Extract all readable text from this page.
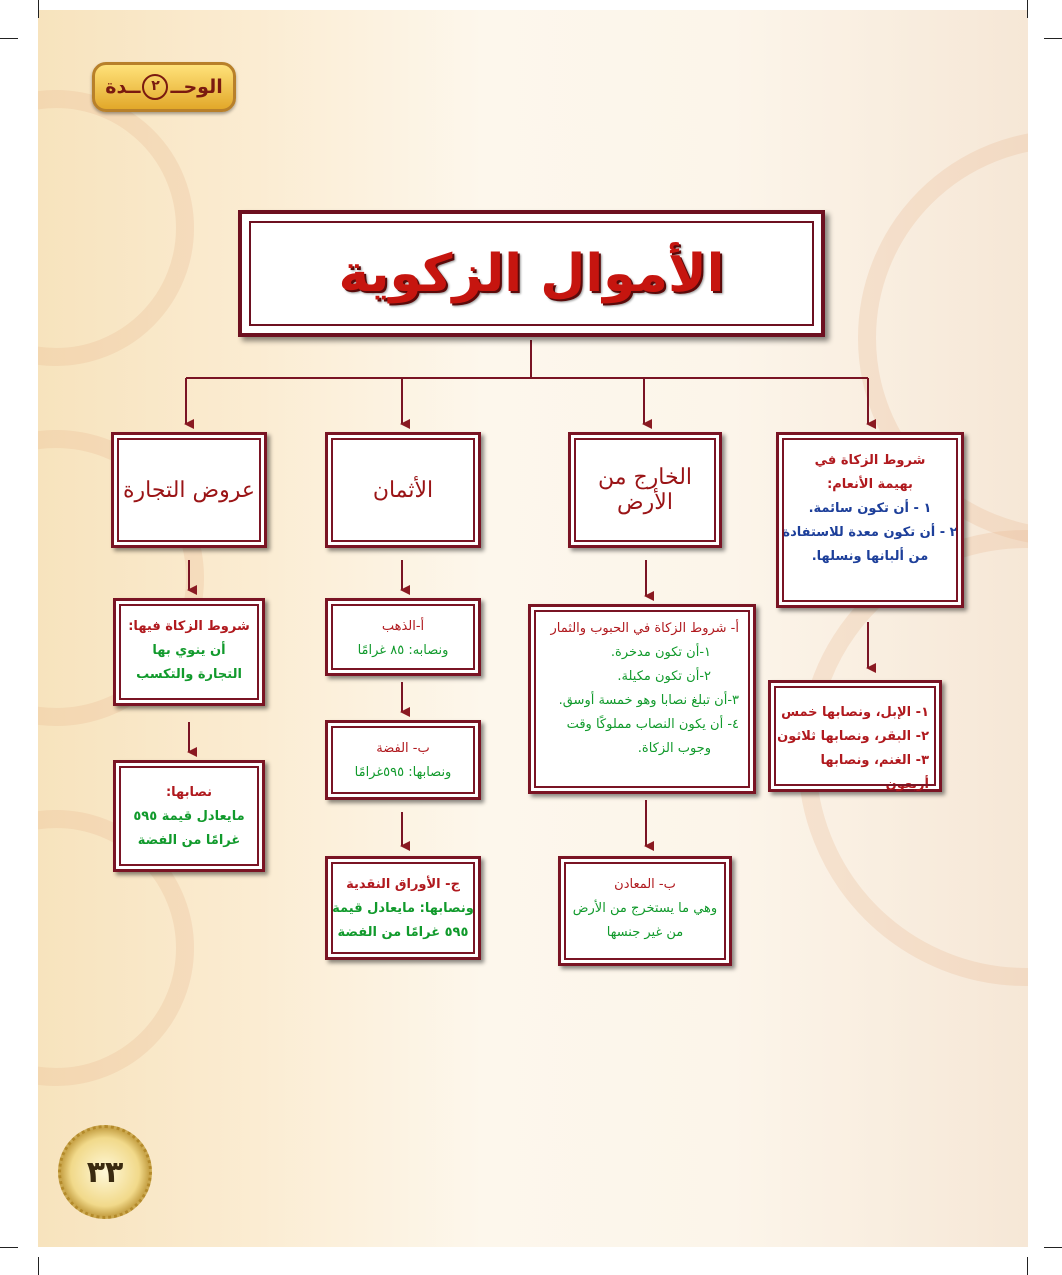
الوحــ
٢
ــدة
الأموال الزكوية
عروض التجارة	الأثمان	الخارج من الأرض
شروط الزكاة في
بهيمة الأنعام:
١ - أن تكون سائمة.
٢ - أن تكون معدة للاستفادة
من ألبانها ونسلها.
شروط الزكاة فيها:
أن ينوي بها
التجارة والتكسب
نصابها:
مايعادل قيمة ٥٩٥
غرامًا من الفضة
أ-الذهب
ونصابه: ٨٥ غرامًا
ب- الفضة
ونصابها: ٥٩٥غرامًا
ج- الأوراق النقدية
ونصابها: مايعادل قيمة
٥٩٥ غرامًا من الفضة
أ- شروط الزكاة في الحبوب والثمار
١-أن تكون مدخرة.
٢-أن تكون مكيلة.
٣-أن تبلغ نصابا وهو خمسة أوسق.
٤- أن يكون النصاب مملوكًا وقت
وجوب الزكاة.
ب- المعادن
وهي ما يستخرج من الأرض
من غير جنسها
١- الإبل، ونصابها خمس
٢- البقر، ونصابها ثلاثون
٣- الغنم، ونصابها أربعون
٣٣
